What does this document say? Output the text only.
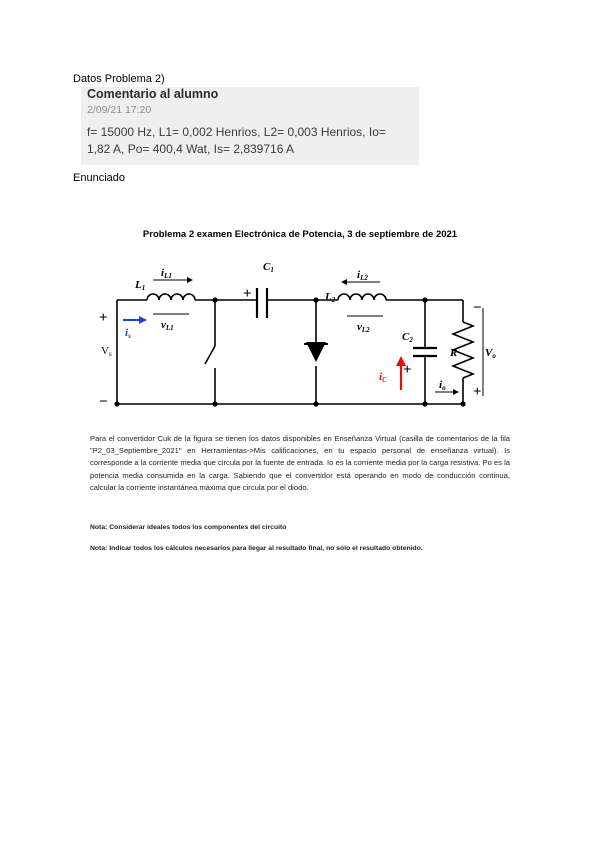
Datos Problema 2)
Comentario al alumno
2/09/21 17:20
f= 15000 Hz, L1= 0,002 Henrios, L2= 0,003 Henrios, Io= 1,82 A, Po= 400,4 Wat, Is= 2,839716 A
Enunciado
Problema 2 examen Electrónica de Potencia, 3 de septiembre de 2021
L1
iL1
vL1
C1
L2
iL2
vL2
C2
R	Vo
io
is
iC
Vs
+
−
+
+
−
+
Para el convertidor Cuk de la figura se tienen los datos disponibles en Enseñanza Virtual (casilla de comentarios de la fila "P2_03_Septiembre_2021" en Herramientas->Mis calificaciones, en tu espacio personal de enseñanza virtual). Is corresponde a la corriente media que circula por la fuente de entrada. Io es la corriente media por la carga resistiva. Po es la potencia media consumida en la carga. Sabiendo que el convertidor está operando en modo de conducción continua, calcular la corriente instantánea máxima que circula por el diodo.
Nota: Considerar ideales todos los componentes del circuito
Nota: Indicar todos los cálculos necesarios para llegar al resultado final, no sólo el resultado obtenido.
